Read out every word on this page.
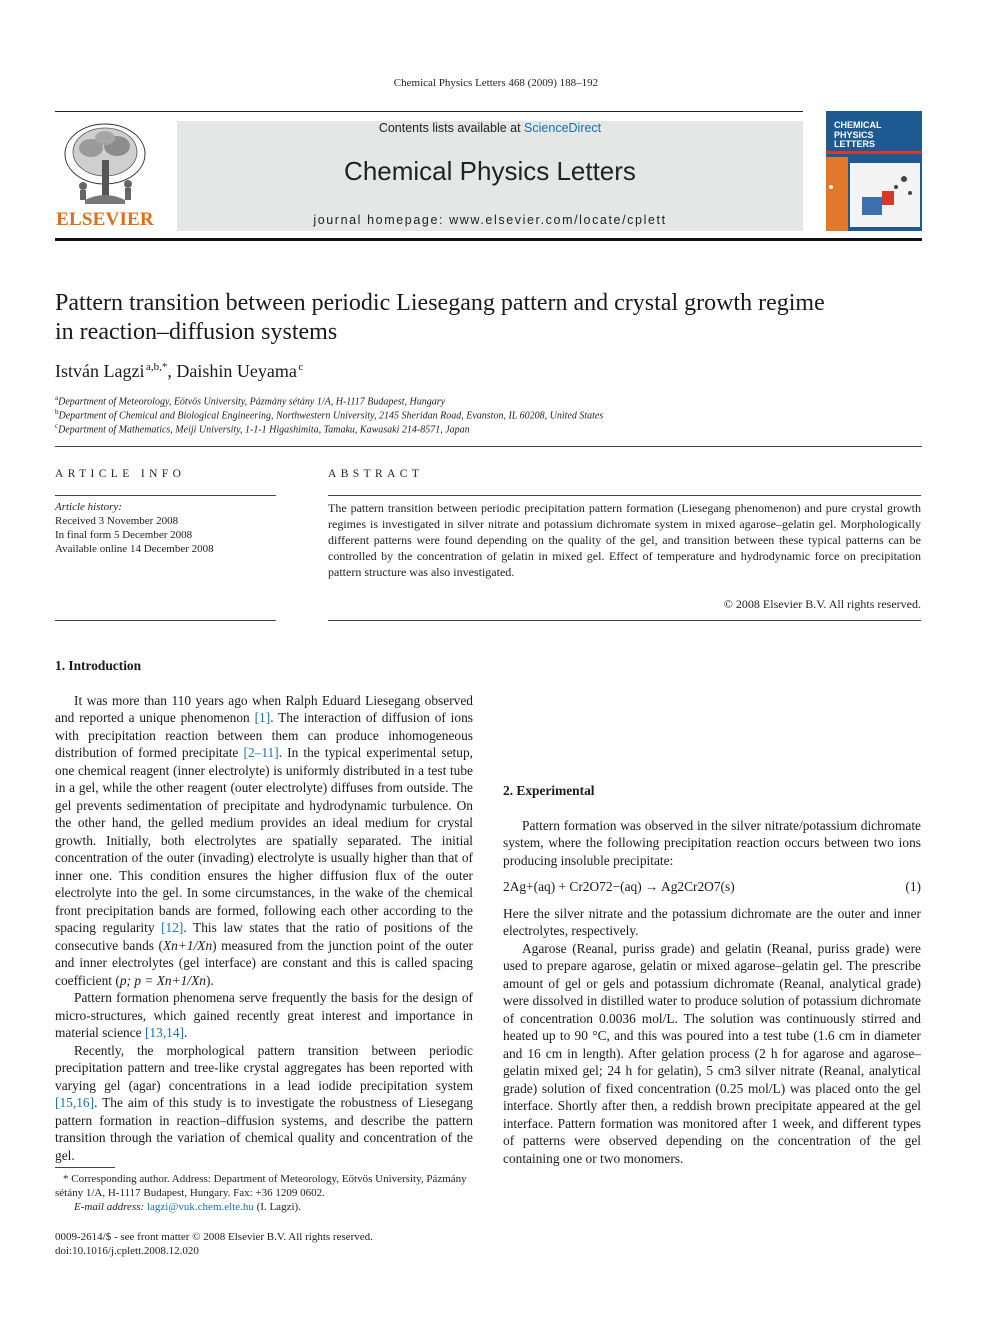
Chemical Physics Letters 468 (2009) 188–192
ELSEVIER
Contents lists available at ScienceDirect
Chemical Physics Letters
journal homepage: www.elsevier.com/locate/cplett
CHEMICAL
PHYSICS
LETTERS
Pattern transition between periodic Liesegang pattern and crystal growth regime
in reaction–diffusion systems
István Lagzi  $^{a,b,*}$, Daishin Ueyama  $^c$
$^a$Department of Meteorology, Eötvös University, Pázmány sétány 1/A, H-1117 Budapest, Hungary
$^b$Department of Chemical and Biological Engineering, Northwestern University, 2145 Sheridan Road, Evanston, IL 60208, United States
$^c$Department of Mathematics, Meiji University, 1-1-1 Higashimita, Tamaku, Kawasaki 214-8571, Japan
ARTICLE INFO
Article history:
Received 3 November 2008
In final form 5 December 2008
Available online 14 December 2008
ABSTRACT
The pattern transition between periodic precipitation pattern formation (Liesegang phenomenon) and pure crystal growth regimes is investigated in silver nitrate and potassium dichromate system in mixed agarose–gelatin gel. Morphologically different patterns were found depending on the quality of the gel, and transition between these typical patterns can be controlled by the concentration of gelatin in mixed gel. Effect of temperature and hydrodynamic force on precipitation pattern structure was also investigated.
© 2008 Elsevier B.V. All rights reserved.
1. Introduction

It was more than 110 years ago when Ralph Eduard Liesegang observed and reported a unique phenomenon [1]. The interaction of diffusion of ions with precipitation reaction between them can produce inhomogeneous distribution of formed precipitate [2–11]. In the typical experimental setup, one chemical reagent (inner electrolyte) is uniformly distributed in a test tube in a gel, while the other reagent (outer electrolyte) diffuses from outside. The gel prevents sedimentation of precipitate and hydrodynamic turbulence. On the other hand, the gelled medium provides an ideal medium for crystal growth. Initially, both electrolytes are spatially separated. The initial concentration of the outer (invading) electrolyte is usually higher than that of inner one. This condition ensures the higher diffusion flux of the outer electrolyte into the gel. In some circumstances, in the wake of the chemical front precipitation bands are formed, following each other according to the spacing regularity [12]. This law states that the ratio of positions of the consecutive bands (Xn+1/Xn) measured from the junction point of the outer and inner electrolytes (gel interface) are constant and this is called spacing coefficient (p; p = Xn+1/Xn).

Pattern formation phenomena serve frequently the basis for the design of micro-structures, which gained recently great interest and importance in material science [13,14].

Recently, the morphological pattern transition between periodic precipitation pattern and tree-like crystal aggregates has been reported with varying gel (agar) concentrations in a lead iodide precipitation system [15,16]. The aim of this study is to investigate the robustness of Liesegang pattern formation in reaction–diffusion systems, and describe the pattern transition through the variation of chemical quality and concentration of the gel.

2. Experimental

Pattern formation was observed in the silver nitrate/potassium dichromate system, where the following precipitation reaction occurs between two ions producing insoluble precipitate:

2Ag+(aq) + Cr2O72−(aq) → Ag2Cr2O7(s)	(1)

Here the silver nitrate and the potassium dichromate are the outer and inner electrolytes, respectively.

Agarose (Reanal, puriss grade) and gelatin (Reanal, puriss grade) were used to prepare agarose, gelatin or mixed agarose–gelatin gel. The prescribe amount of gel or gels and potassium dichromate (Reanal, analytical grade) were dissolved in distilled water to produce solution of potassium dichromate of concentration 0.0036 mol/L. The solution was continuously stirred and heated up to 90 °C, and this was poured into a test tube (1.6 cm in diameter and 16 cm in length). After gelation process (2 h for agarose and agarose–gelatin mixed gel; 24 h for gelatin), 5 cm3 silver nitrate (Reanal, analytical grade) solution of fixed concentration (0.25 mol/L) was placed onto the gel interface. Shortly after then, a reddish brown precipitate appeared at the gel interface. Pattern formation was monitored after 1 week, and different types of patterns were observed depending on the concentration of the gel containing one or two monomers.

* Corresponding author. Address: Department of Meteorology, Eötvös University, Pázmány sétány 1/A, H-1117 Budapest, Hungary. Fax: +36 1209 0602.
E-mail address: lagzi@vuk.chem.elte.hu (I. Lagzi).
0009-2614/$ - see front matter © 2008 Elsevier B.V. All rights reserved.
doi:10.1016/j.cplett.2008.12.020
